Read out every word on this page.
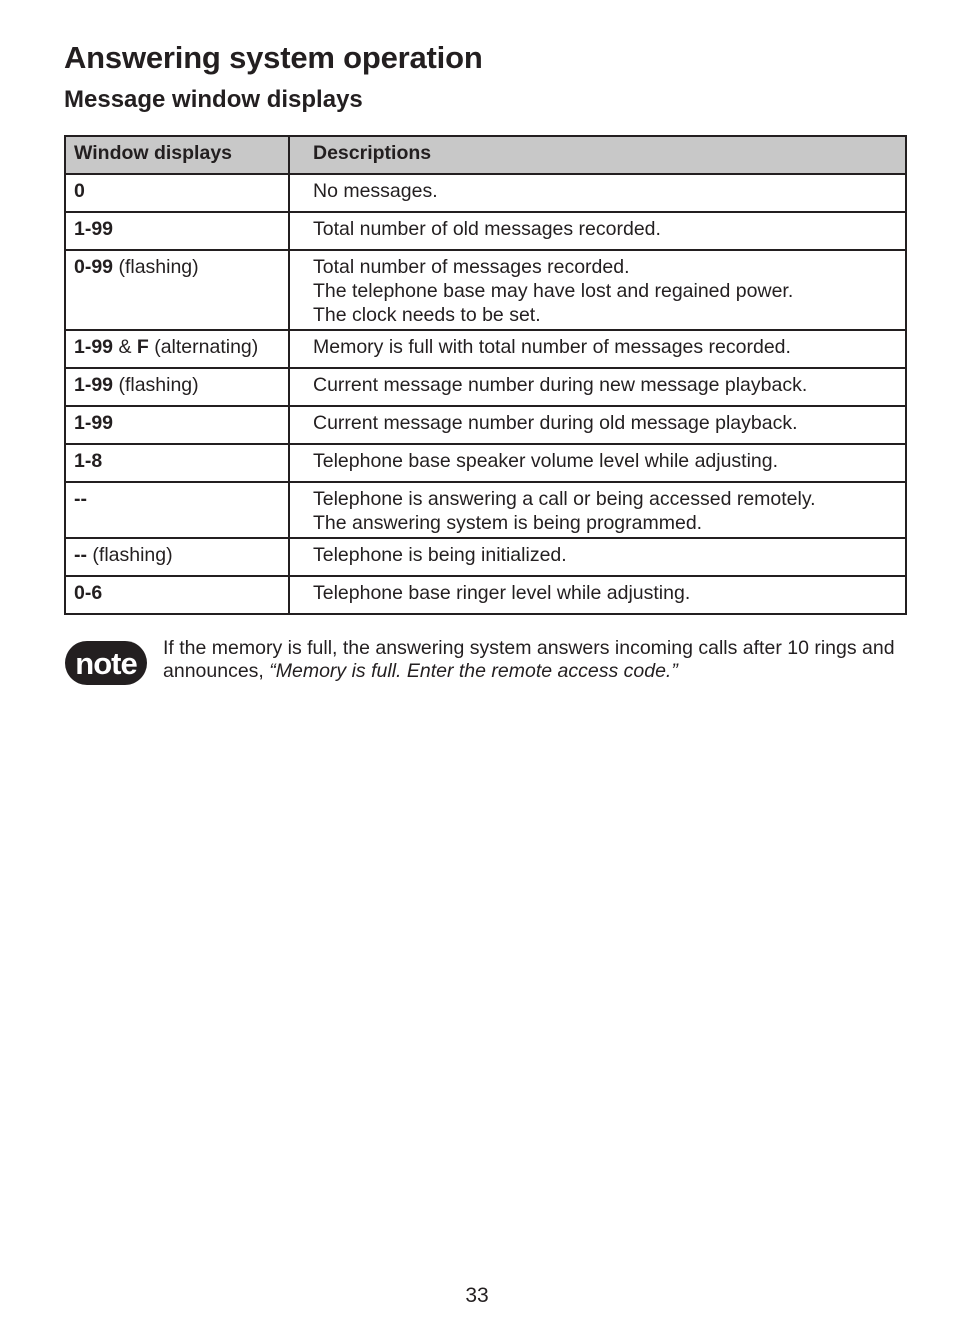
Answering system operation
Message window displays
Window displays	Descriptions
0	No messages.

1-99	Total number of old messages recorded.

0-99 (flashing)	Total number of messages recorded.
The telephone base may have lost and regained power.
The clock needs to be set.

1-99 & F (alternating)	Memory is full with total number of messages recorded.

1-99 (flashing)	Current message number during new message playback.

1-99	Current message number during old message playback.

1-8	Telephone base speaker volume level while adjusting.

--	Telephone is answering a call or being accessed remotely.
The answering system is being programmed.

-- (flashing)	Telephone is being initialized.

0-6	Telephone base ringer level while adjusting.
note If the memory is full, the answering system answers incoming calls after 10 rings and announces, “Memory is full. Enter the remote access code.”
33
